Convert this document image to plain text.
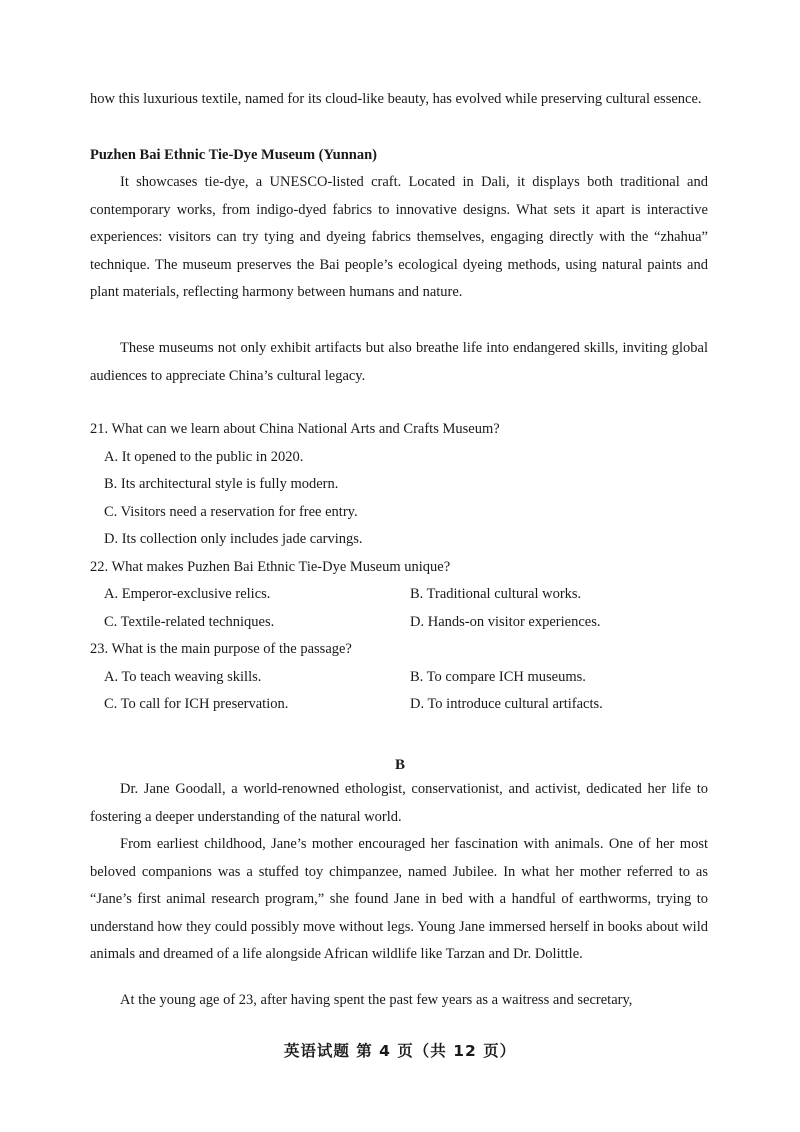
how this luxurious textile, named for its cloud-like beauty, has evolved while preserving cultural essence.

Puzhen Bai Ethnic Tie-Dye Museum (Yunnan)

It showcases tie-dye, a UNESCO-listed craft. Located in Dali, it displays both traditional and contemporary works, from indigo-dyed fabrics to innovative designs. What sets it apart is interactive experiences: visitors can try tying and dyeing fabrics themselves, engaging directly with the “zhahua” technique. The museum preserves the Bai people’s ecological dyeing methods, using natural paints and plant materials, reflecting harmony between humans and nature.

These museums not only exhibit artifacts but also breathe life into endangered skills, inviting global audiences to appreciate China’s cultural legacy.

21. What can we learn about China National Arts and Crafts Museum?
A. It opened to the public in 2020.
B. Its architectural style is fully modern.
C. Visitors need a reservation for free entry.
D. Its collection only includes jade carvings.
22. What makes Puzhen Bai Ethnic Tie-Dye Museum unique?
A. Emperor-exclusive relics.	B. Traditional cultural works.
C. Textile-related techniques.	D. Hands-on visitor experiences.
23. What is the main purpose of the passage?
A. To teach weaving skills.	B. To compare ICH museums.
C. To call for ICH preservation.	D. To introduce cultural artifacts.
B

Dr. Jane Goodall, a world-renowned ethologist, conservationist, and activist, dedicated her life to fostering a deeper understanding of the natural world.

From earliest childhood, Jane’s mother encouraged her fascination with animals. One of her most beloved companions was a stuffed toy chimpanzee, named Jubilee. In what her mother referred to as “Jane’s first animal research program,” she found Jane in bed with a handful of earthworms, trying to understand how they could possibly move without legs. Young Jane immersed herself in books about wild animals and dreamed of a life alongside African wildlife like Tarzan and Dr. Dolittle.

At the young age of 23, after having spent the past few years as a waitress and secretary,

英语试题 第 4 页（共 12 页）
